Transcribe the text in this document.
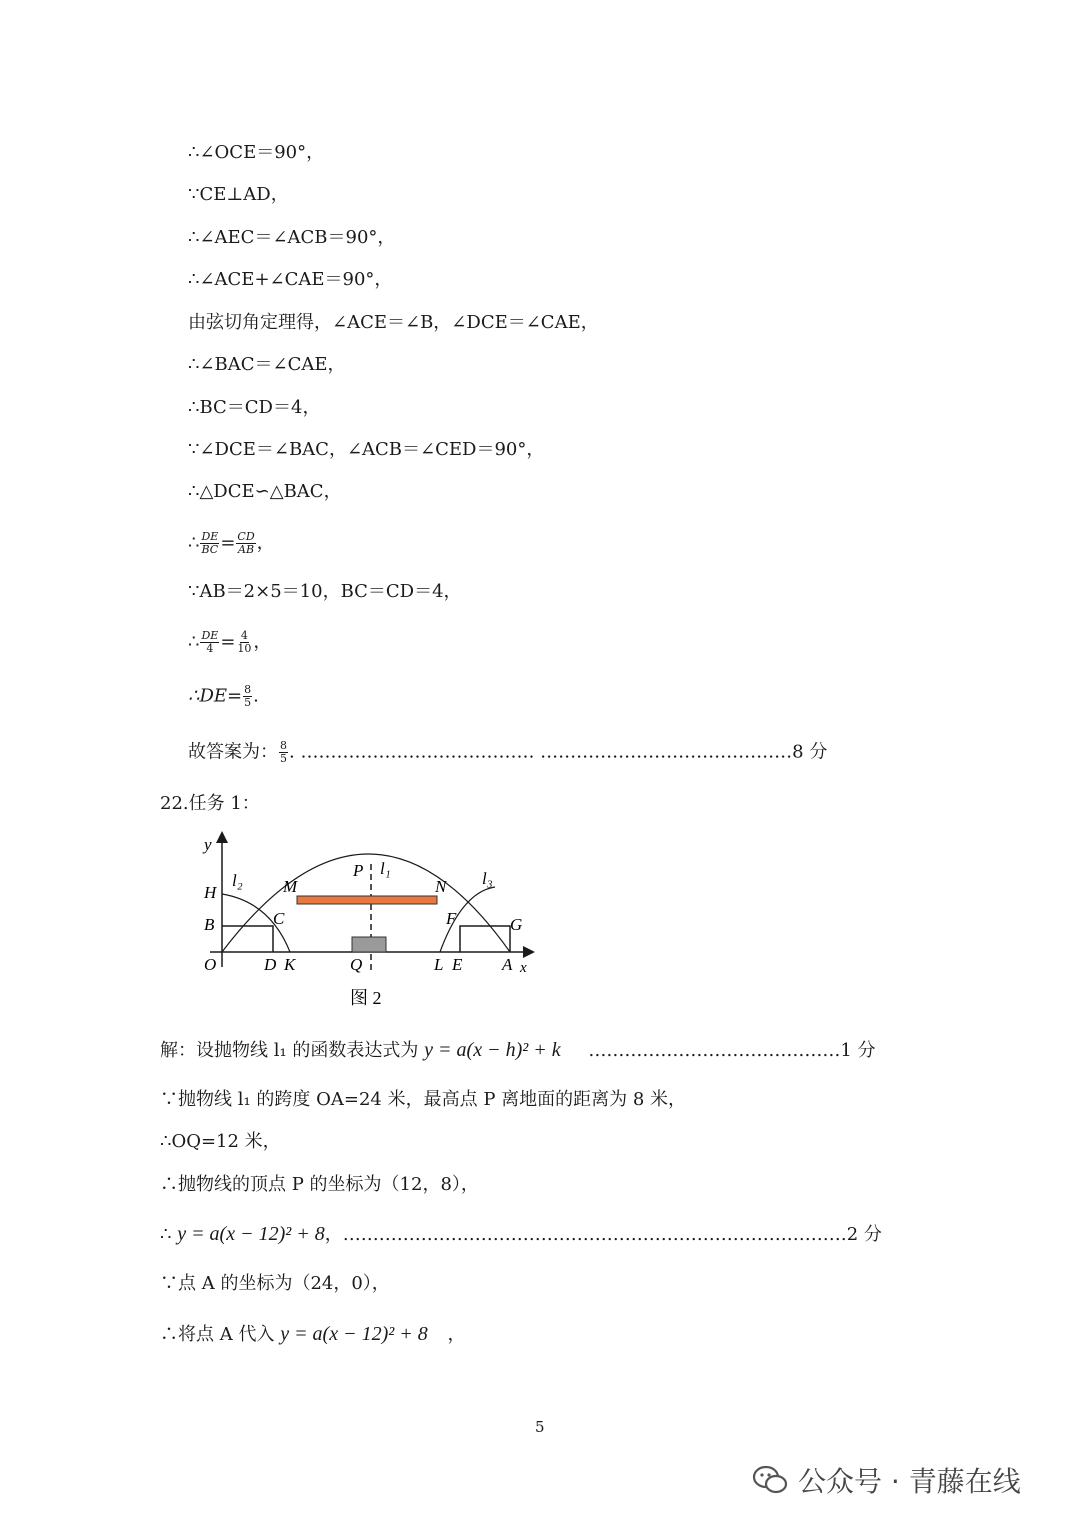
∴∠OCE＝90°，
∵CE⊥AD，
∴∠AEC＝∠ACB＝90°，
∴∠ACE+∠CAE＝90°，
由弦切角定理得，∠ACE＝∠B，∠DCE＝∠CAE，
∴∠BAC＝∠CAE，
∴BC＝CD＝4，
∵∠DCE＝∠BAC，∠ACB＝∠CED＝90°，
∴△DCE∽△BAC，
∴ $\frac{DE}{BC} = \frac{CD}{AB}$ ，
∵AB＝2×5＝10，BC＝CD＝4，
∴ $\frac{DE}{4} = \frac{4}{10}$ ，
∴DE= $\frac{8}{5}$ .
故答案为： $\frac{8}{5}$ . ………………………………… ……………………………………8 分
22.任务 1：
y
H
l₂ M
P l₁
N l₃
B	C	F	G
O	D K	Q	L E A x
图 2
解：设抛物线 l₁ 的函数表达式为 y = a(x − h)² + k ……………………………………1 分
∵抛物线 l₁ 的跨度 OA=24 米，最高点 P 离地面的距离为 8 米，
∴OQ=12 米，
∴抛物线的顶点 P 的坐标为（12，8），
∴ y = a(x − 12)² + 8，…………………………………………………………………………2 分
∵点 A 的坐标为（24，0），
∴将点 A 代入 y = a(x − 12)² + 8 ，
5
公众号 · 青藤在线
